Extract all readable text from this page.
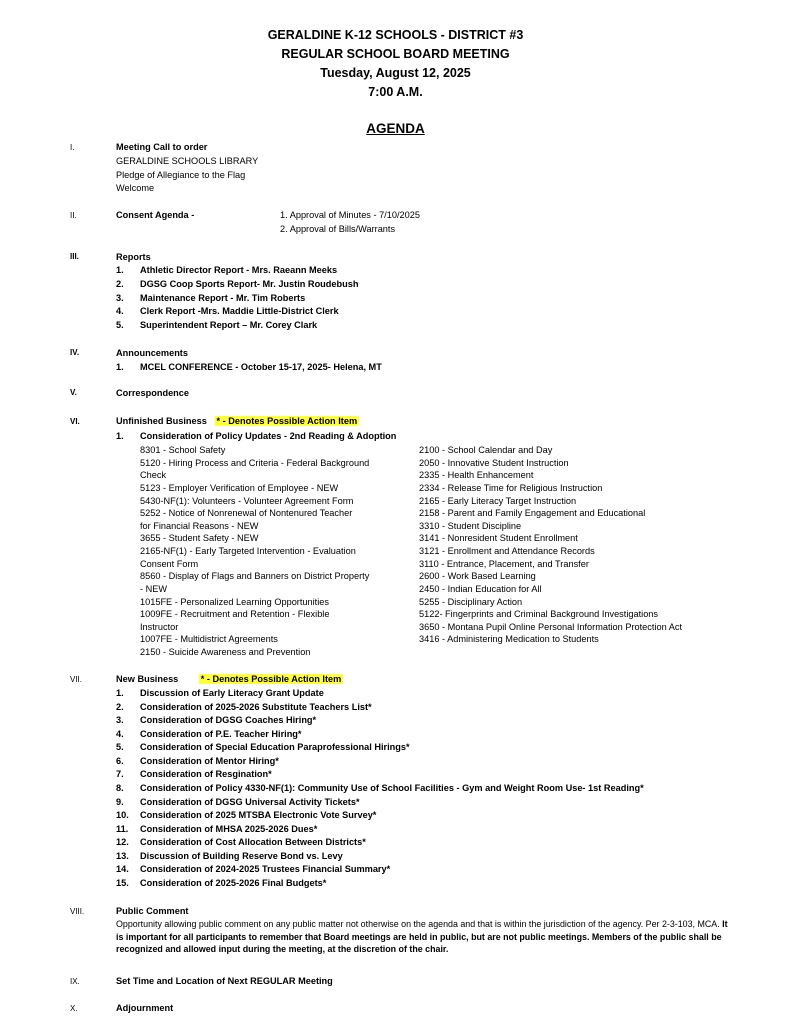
GERALDINE K-12 SCHOOLS - DISTRICT #3
REGULAR SCHOOL BOARD MEETING
Tuesday, August 12, 2025
7:00 A.M.
AGENDA
I.	Meeting Call to order
GERALDINE SCHOOLS LIBRARY
Pledge of Allegiance to the Flag
Welcome
II.	Consent Agenda -	1. Approval of Minutes - 7/10/2025
2. Approval of Bills/Warrants
III.	Reports
1. Athletic Director Report - Mrs. Raeann Meeks
2. DGSG Coop Sports Report- Mr. Justin Roudebush
3. Maintenance Report - Mr. Tim Roberts
4. Clerk Report -Mrs. Maddie Little-District Clerk
5. Superintendent Report – Mr. Corey Clark
IV.	Announcements
1. MCEL CONFERENCE - October 15-17, 2025- Helena, MT
V.	Correspondence
VI.	Unfinished Business * - Denotes Possible Action Item
1. Consideration of Policy Updates - 2nd Reading & Adoption
8301 - School Safety
5120 - Hiring Process and Criteria - Federal Background
Check
5123 - Employer Verification of Employee - NEW
5430-NF(1): Volunteers - Volunteer Agreement Form
5252 - Notice of Nonrenewal of Nontenured Teacher
for Financial Reasons - NEW
3655 - Student Safety - NEW
2165-NF(1) - Early Targeted Intervention - Evaluation
Consent Form
8560 - Display of Flags and Banners on District Property
- NEW
1015FE - Personalized Learning Opportunities
1009FE - Recruitment and Retention - Flexible
Instructor
1007FE - Multidistrict Agreements
2150 - Suicide Awareness and Prevention
2100 - School Calendar and Day
2050 - Innovative Student Instruction
2335 - Health Enhancement
2334 - Release Time for Religious Instruction
2165 - Early Literacy Target Instruction
2158 - Parent and Family Engagement and Educational
3310 - Student Discipline
3141 - Nonresident Student Enrollment
3121 - Enrollment and Attendance Records
3110 - Entrance, Placement, and Transfer
2600 - Work Based Learning
2450 - Indian Education for All
5255 - Disciplinary Action
5122- Fingerprints and Criminal Background Investigations
3650 - Montana Pupil Online Personal Information Protection Act
3416 - Administering Medication to Students
VII.	New Business * - Denotes Possible Action Item
1. Discussion of Early Literacy Grant Update
2. Consideration of 2025-2026 Substitute Teachers List*
3. Consideration of DGSG Coaches Hiring*
4. Consideration of P.E. Teacher Hiring*
5. Consideration of Special Education Paraprofessional Hirings*
6. Consideration of Mentor Hiring*
7. Consideration of Resgination*
8. Consideration of Policy 4330-NF(1): Community Use of School Facilities - Gym and Weight Room Use- 1st Reading*
9. Consideration of DGSG Universal Activity Tickets*
10. Consideration of 2025 MTSBA Electronic Vote Survey*
11. Consideration of MHSA 2025-2026 Dues*
12. Consideration of Cost Allocation Between Districts*
13. Discussion of Building Reserve Bond vs. Levy
14. Consideration of 2024-2025 Trustees Financial Summary*
15. Consideration of 2025-2026 Final Budgets*
VIII.	Public Comment
Opportunity allowing public comment on any public matter not otherwise on the agenda and that is within the jurisdiction of the agency. Per 2-3-103, MCA. It is important for all participants to remember that Board meetings are held in public, but are not public meetings. Members of the public shall be recognized and allowed input during the meeting, at the discretion of the chair.
IX.	Set Time and Location of Next REGULAR Meeting
X.	Adjournment
